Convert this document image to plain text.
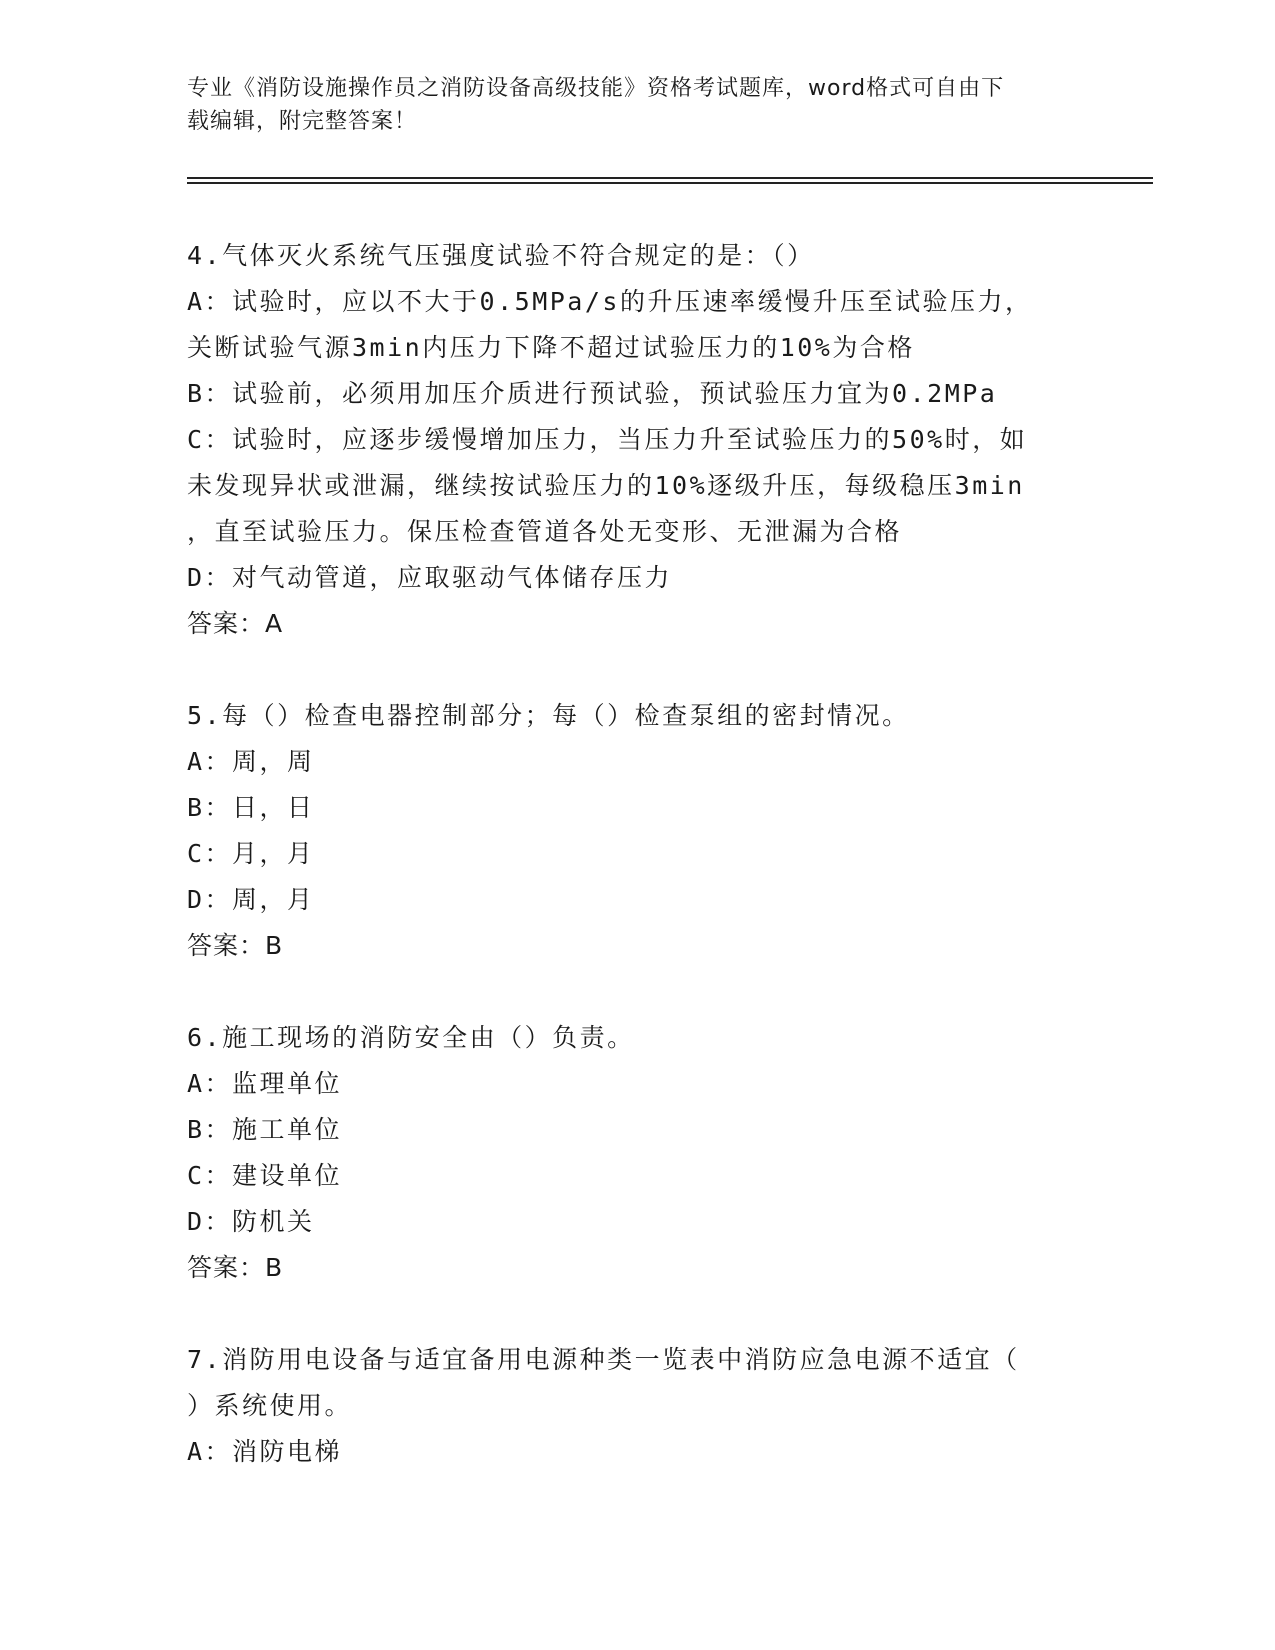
专业《消防设施操作员之消防设备高级技能》资格考试题库，word格式可自由下
载编辑，附完整答案！
4.气体灭火系统气压强度试验不符合规定的是：（）
A：试验时，应以不大于0.5MPa/s的升压速率缓慢升压至试验压力，
关断试验气源3min内压力下降不超过试验压力的10%为合格
B：试验前，必须用加压介质进行预试验，预试验压力宜为0.2MPa
C：试验时，应逐步缓慢增加压力，当压力升至试验压力的50%时，如
未发现异状或泄漏，继续按试验压力的10%逐级升压，每级稳压3min
，直至试验压力。保压检查管道各处无变形、无泄漏为合格
D：对气动管道，应取驱动气体储存压力
答案：A
5.每（）检查电器控制部分；每（）检查泵组的密封情况。
A：周，周
B：日，日
C：月，月
D：周，月
答案：B
6.施工现场的消防安全由（）负责。
A：监理单位
B：施工单位
C：建设单位
D：防机关
答案：B
7.消防用电设备与适宜备用电源种类一览表中消防应急电源不适宜（
）系统使用。
A：消防电梯
